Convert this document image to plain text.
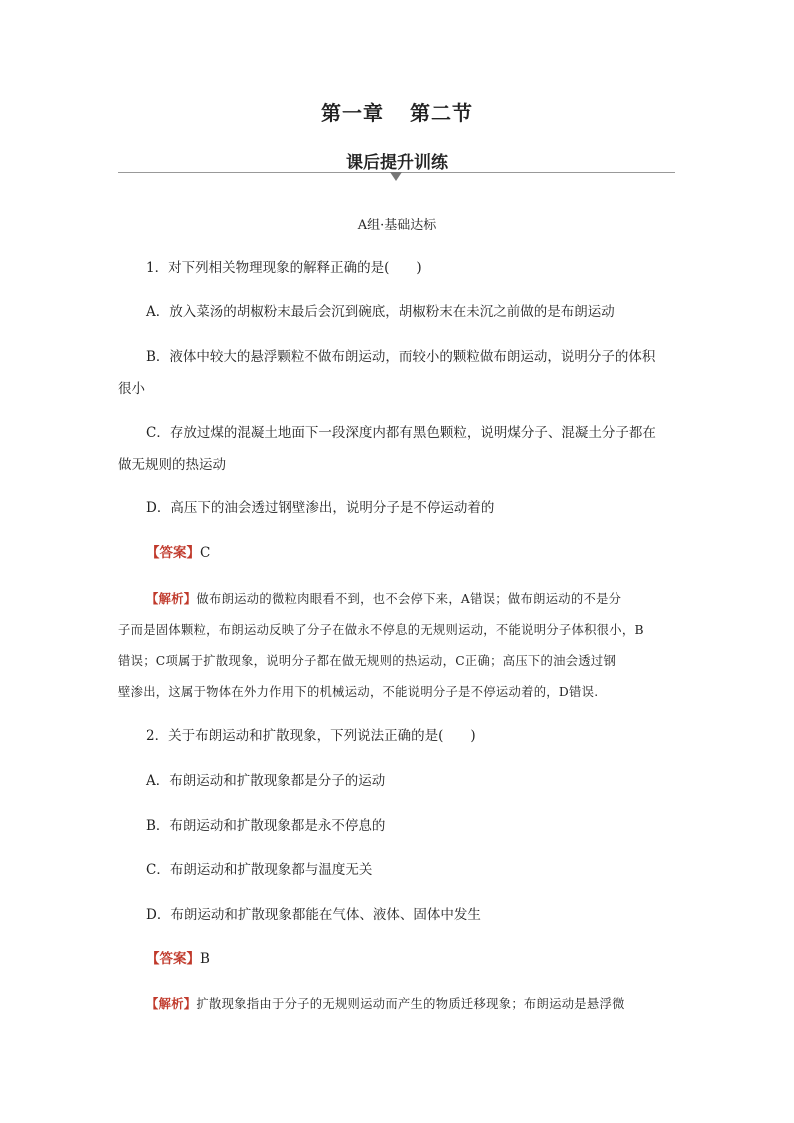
第一章 第二节
课后提升训练
A组·基础达标
1．对下列相关物理现象的解释正确的是(　　)
A．放入菜汤的胡椒粉末最后会沉到碗底，胡椒粉末在未沉之前做的是布朗运动
B．液体中较大的悬浮颗粒不做布朗运动，而较小的颗粒做布朗运动，说明分子的体积
很小
C．存放过煤的混凝土地面下一段深度内都有黑色颗粒，说明煤分子、混凝土分子都在
做无规则的热运动
D．高压下的油会透过钢壁渗出，说明分子是不停运动着的
【答案】C
【解析】做布朗运动的微粒肉眼看不到，也不会停下来，A错误；做布朗运动的不是分
子而是固体颗粒，布朗运动反映了分子在做永不停息的无规则运动，不能说明分子体积很小，B
错误；C项属于扩散现象，说明分子都在做无规则的热运动，C正确；高压下的油会透过钢
壁渗出，这属于物体在外力作用下的机械运动，不能说明分子是不停运动着的，D错误.
2．关于布朗运动和扩散现象，下列说法正确的是(　　)
A．布朗运动和扩散现象都是分子的运动
B．布朗运动和扩散现象都是永不停息的
C．布朗运动和扩散现象都与温度无关
D．布朗运动和扩散现象都能在气体、液体、固体中发生
【答案】B
【解析】扩散现象指由于分子的无规则运动而产生的物质迁移现象；布朗运动是悬浮微
